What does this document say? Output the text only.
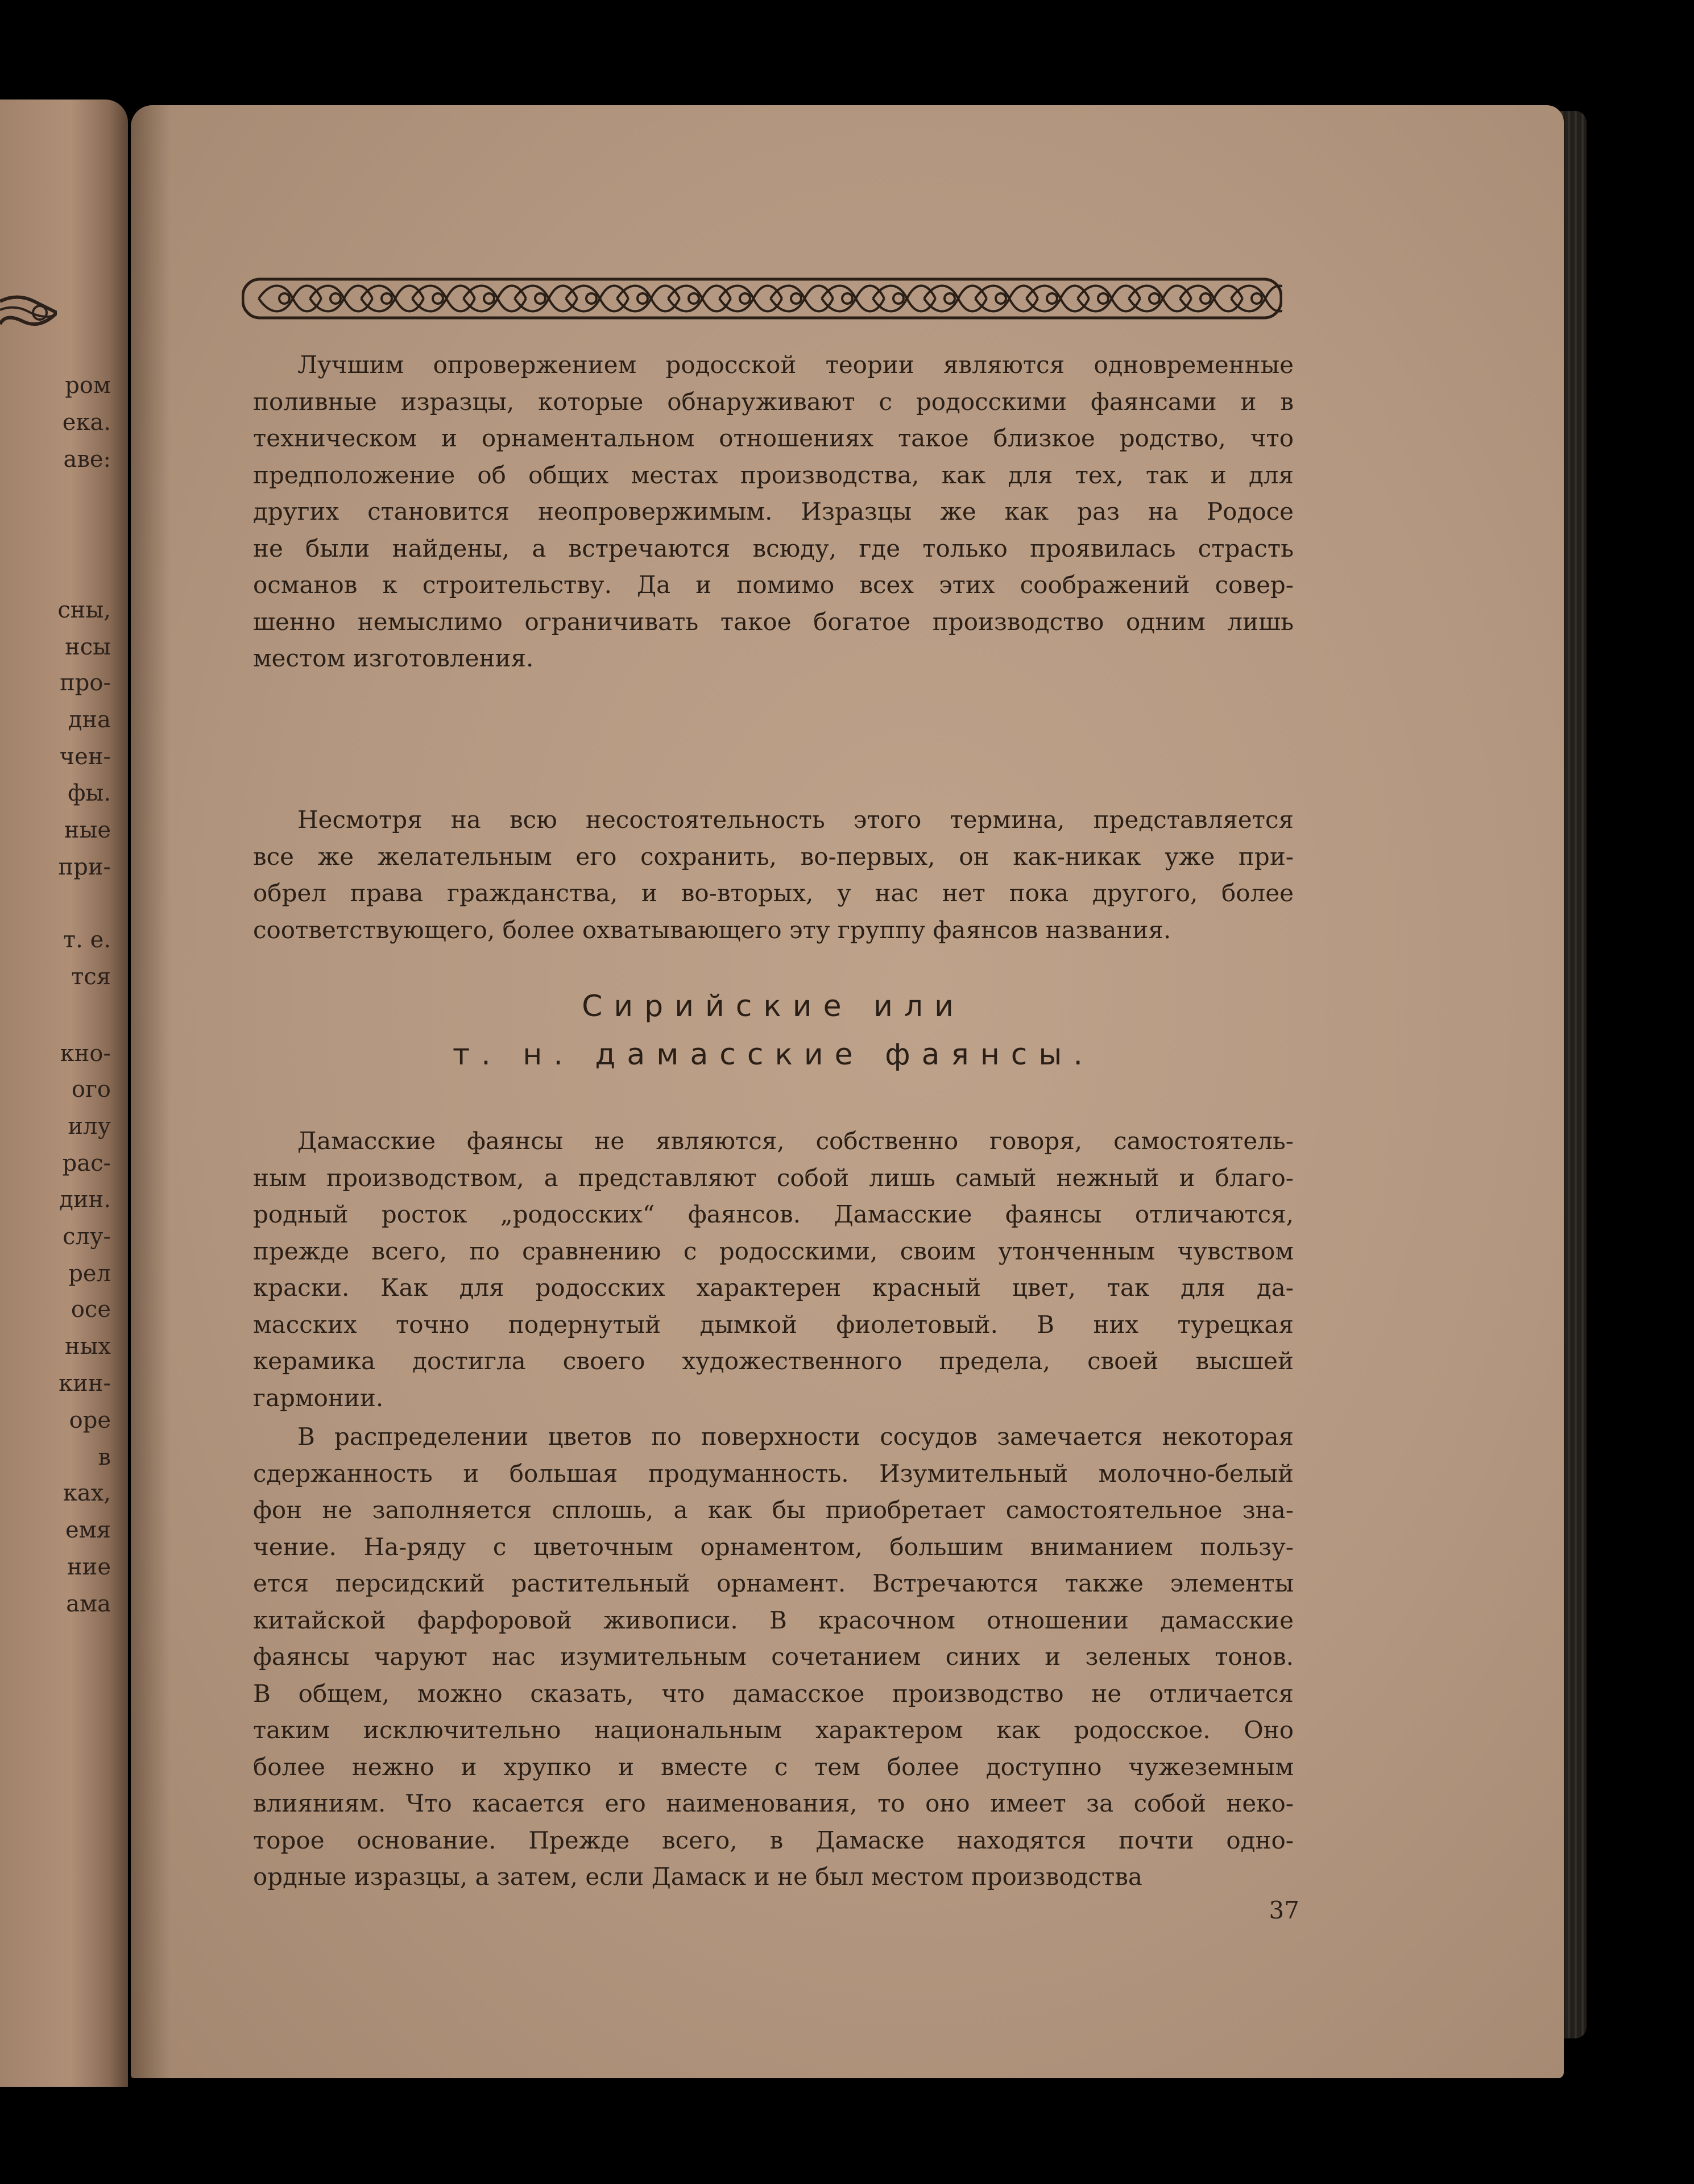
ром
ека.
аве:
сны,
нсы
про-
дна
чен-
фы.
ные
при-
т. е.
тся
кно-
ого
илу
рас-
дин.
слу-
рел
осе
ных
кин-
оре
в
ках,
емя
ние
ама
Лучшим опровержением родосской теории являются одновременные
поливные изразцы, которые обнаруживают с родосскими фаянсами и в
техническом и орнаментальном отношениях такое близкое родство, что
предположение об общих местах производства, как для тех, так и для
других становится неопровержимым. Изразцы же как раз на Родосе
не были найдены, а встречаются всюду, где только проявилась страсть
османов к строительству. Да и помимо всех этих соображений совер-
шенно немыслимо ограничивать такое богатое производство одним лишь
местом изготовления.
Несмотря на всю несостоятельность этого термина, представляется
все же желательным его сохранить, во-первых, он как-никак уже при-
обрел права гражданства, и во-вторых, у нас нет пока другого, более
соответствующего, более охватывающего эту группу фаянсов названия.
Сирийские или
т. н. дамасские фаянсы.
Дамасские фаянсы не являются, собственно говоря, самостоятель-
ным производством, а представляют собой лишь самый нежный и благо-
родный росток „родосских“ фаянсов. Дамасские фаянсы отличаются,
прежде всего, по сравнению с родосскими, своим утонченным чувством
краски. Как для родосских характерен красный цвет, так для да-
масских точно подернутый дымкой фиолетовый. В них турецкая
керамика достигла своего художественного предела, своей высшей
гармонии.
В распределении цветов по поверхности сосудов замечается некоторая
сдержанность и большая продуманность. Изумительный молочно-белый
фон не заполняется сплошь, а как бы приобретает самостоятельное зна-
чение. На-ряду с цветочным орнаментом, большим вниманием пользу-
ется персидский растительный орнамент. Встречаются также элементы
китайской фарфоровой живописи. В красочном отношении дамасские
фаянсы чаруют нас изумительным сочетанием синих и зеленых тонов.
В общем, можно сказать, что дамасское производство не отличается
таким исключительно национальным характером как родосское. Оно
более нежно и хрупко и вместе с тем более доступно чужеземным
влияниям. Что касается его наименования, то оно имеет за собой неко-
торое основание. Прежде всего, в Дамаске находятся почти одно-
ордные изразцы, а затем, если Дамаск и не был местом производства
37
